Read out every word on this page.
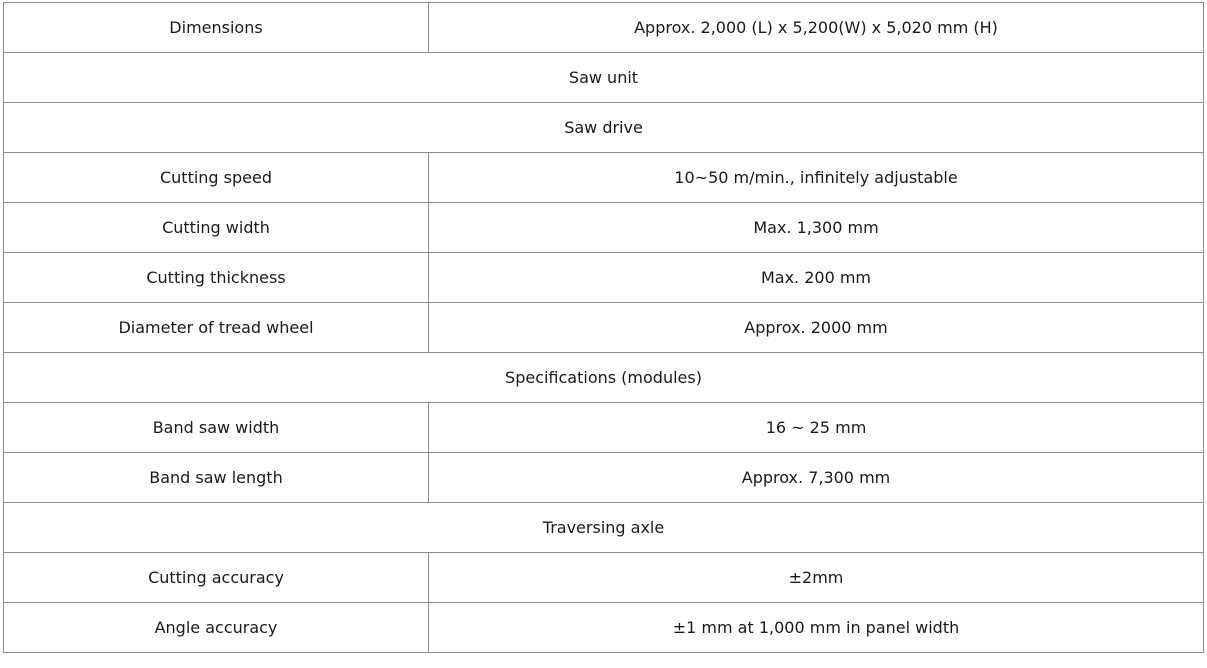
Dimensions	Approx. 2,000 (L) x 5,200(W) x 5,020 mm (H)
Saw unit	
Saw drive	
Cutting speed	10~50 m/min., infinitely adjustable
Cutting width	Max. 1,300 mm
Cutting thickness	Max. 200 mm
Diameter of tread wheel	Approx. 2000 mm
Specifications (modules)	
Band saw width	16 ~ 25 mm
Band saw length	Approx. 7,300 mm
Traversing axle	
Cutting accuracy	±2mm
Angle accuracy	±1 mm at 1,000 mm in panel width
